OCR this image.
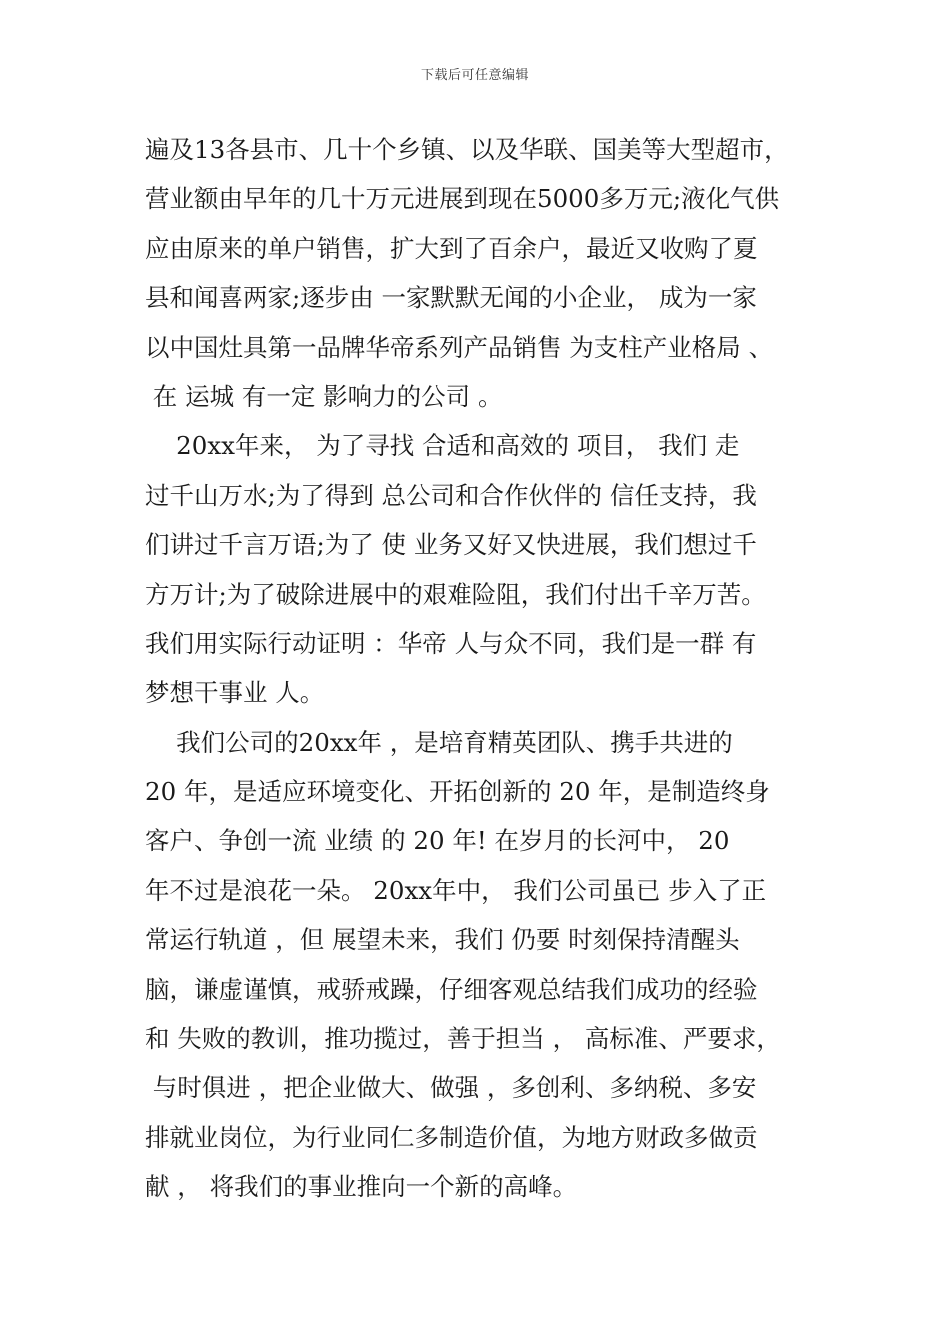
下载后可任意编辑
遍及13各县市、几十个乡镇、以及华联、国美等大型超市，
营业额由早年的几十万元进展到现在5000多万元;液化气供
应由原来的单户销售，扩大到了百余户，最近又收购了夏
县和闻喜两家;逐步由 一家默默无闻的小企业， 成为一家
以中国灶具第一品牌华帝系列产品销售 为支柱产业格局 、
在 运城 有一定 影响力的公司 。
20xx年来， 为了寻找 合适和高效的 项目， 我们 走
过千山万水;为了得到 总公司和合作伙伴的 信任支持，我
们讲过千言万语;为了 使 业务又好又快进展，我们想过千
方万计;为了破除进展中的艰难险阻，我们付出千辛万苦。
我们用实际行动证明 ：华帝 人与众不同，我们是一群 有
梦想干事业 人。
我们公司的20xx年 ，是培育精英团队、携手共进的
20 年，是适应环境变化、开拓创新的 20 年，是制造终身
客户、争创一流 业绩 的 20 年! 在岁月的长河中， 20
年不过是浪花一朵。 20xx年中， 我们公司虽已 步入了正
常运行轨道 ，但 展望未来，我们 仍要 时刻保持清醒头
脑，谦虚谨慎，戒骄戒躁，仔细客观总结我们成功的经验
和 失败的教训，推功揽过，善于担当 ， 高标准、严要求，
与时俱进 ，把企业做大、做强 ，多创利、多纳税、多安
排就业岗位，为行业同仁多制造价值，为地方财政多做贡
献 ， 将我们的事业推向一个新的高峰。
